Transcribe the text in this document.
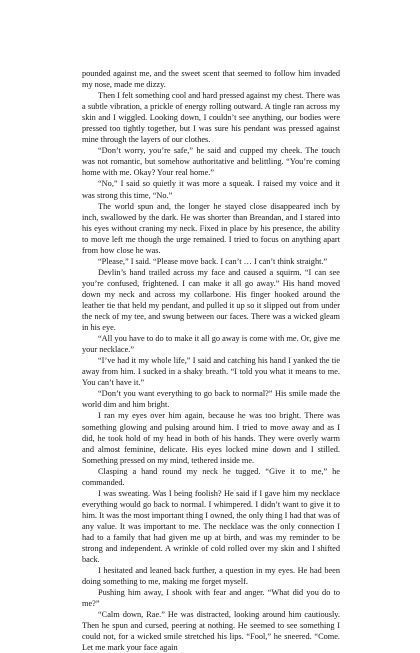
pounded against me, and the sweet scent that seemed to follow him invaded my nose, made me dizzy.

Then I felt something cool and hard pressed against my chest. There was a subtle vibration, a prickle of energy rolling outward. A tingle ran across my skin and I wiggled. Looking down, I couldn’t see anything, our bodies were pressed too tightly together, but I was sure his pendant was pressed against mine through the layers of our clothes.

“Don’t worry, you’re safe,” he said and cupped my cheek. The touch was not romantic, but somehow authoritative and belittling. “You’re coming home with me. Okay? Your real home.”

“No,” I said so quietly it was more a squeak. I raised my voice and it was strong this time, “No.”

The world spun and, the longer he stayed close disappeared inch by inch, swallowed by the dark. He was shorter than Breandan, and I stared into his eyes without craning my neck. Fixed in place by his presence, the ability to move left me though the urge remained. I tried to focus on anything apart from how close he was.

“Please,” I said. “Please move back. I can’t … I can’t think straight.”

Devlin’s hand trailed across my face and caused a squirm. “I can see you’re confused, frightened. I can make it all go away.” His hand moved down my neck and across my collarbone. His finger hooked around the leather tie that held my pendant, and pulled it up so it slipped out from under the neck of my tee, and swung between our faces. There was a wicked gleam in his eye.

“All you have to do to make it all go away is come with me. Or, give me your necklace.”

“I’ve had it my whole life,” I said and catching his hand I yanked the tie away from him. I sucked in a shaky breath. “I told you what it means to me. You can’t have it.”

“Don’t you want everything to go back to normal?” His smile made the world dim and him bright.

I ran my eyes over him again, because he was too bright. There was something glowing and pulsing around him. I tried to move away and as I did, he took hold of my head in both of his hands. They were overly warm and almost feminine, delicate. His eyes locked mine down and I stilled. Something pressed on my mind, tethered inside me.

Clasping a hand round my neck he tugged. “Give it to me,” he commanded.

I was sweating. Was I being foolish? He said if I gave him my necklace everything would go back to normal. I whimpered. I didn’t want to give it to him. It was the most important thing I owned, the only thing I had that was of any value. It was important to me. The necklace was the only connection I had to a family that had given me up at birth, and was my reminder to be strong and independent. A wrinkle of cold rolled over my skin and I shifted back.

I hesitated and leaned back further, a question in my eyes. He had been doing something to me, making me forget myself.

Pushing him away, I shook with fear and anger. “What did you do to me?”

“Calm down, Rae.” He was distracted, looking around him cautiously. Then he spun and cursed, peering at nothing. He seemed to see something I could not, for a wicked smile stretched his lips. “Fool,” he sneered. “Come. Let me mark your face again
